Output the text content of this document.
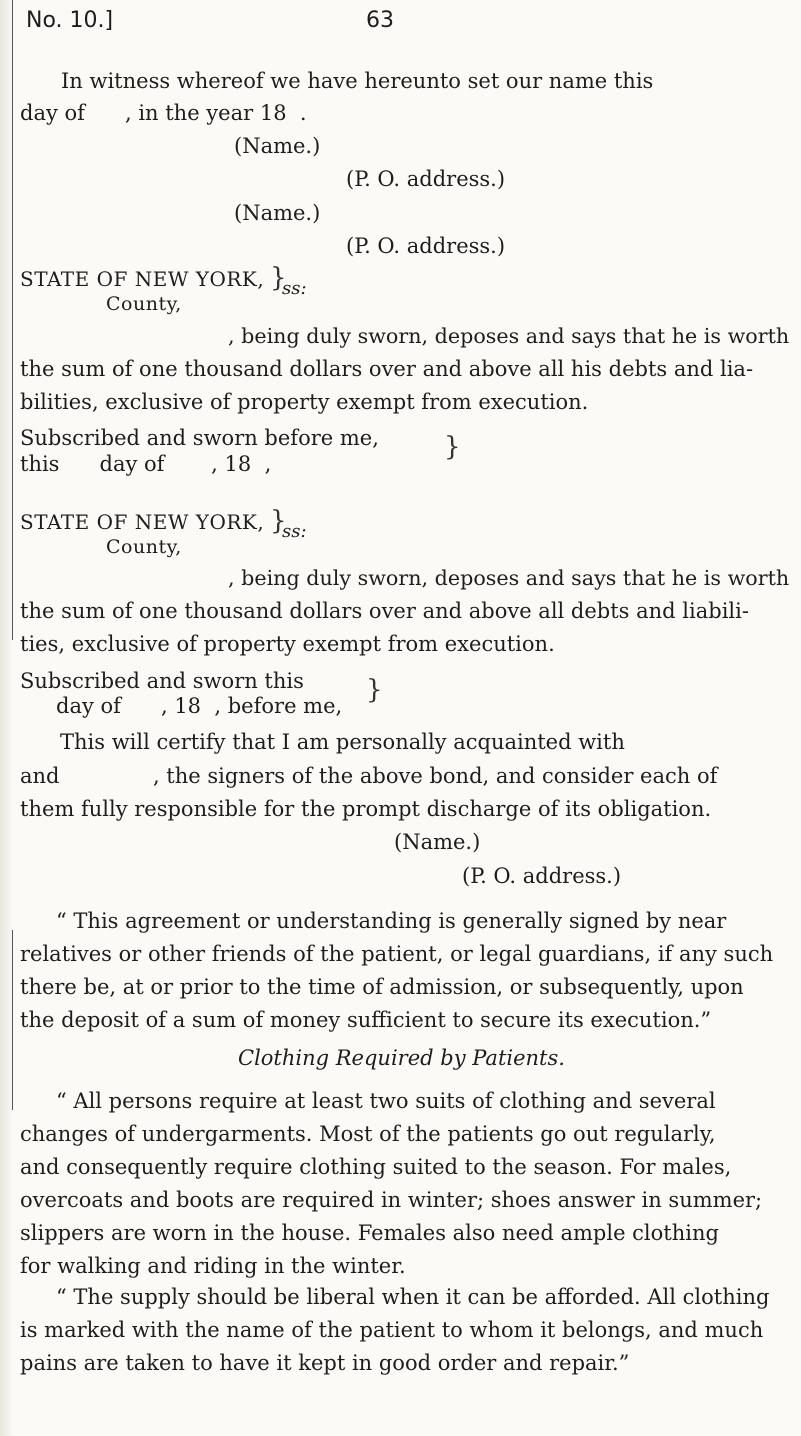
No. 10.]	63
In witness whereof we have hereunto set our name this
day of      , in the year 18  .
(Name.)
(P. O. address.)
(Name.)
(P. O. address.)
STATE OF NEW YORK, }
ss:
County,
, being duly sworn, deposes and says that he is worth
the sum of one thousand dollars over and above all his debts and lia-
bilities, exclusive of property exempt from execution.
Subscribed and sworn before me,
this      day of       , 18  ,
}
STATE OF NEW YORK, }
ss:
County,
, being duly sworn, deposes and says that he is worth
the sum of one thousand dollars over and above all debts and liabili-
ties, exclusive of property exempt from execution.
Subscribed and sworn this
day of      , 18  , before me,
}
This will certify that I am personally acquainted with
and              , the signers of the above bond, and consider each of
them fully responsible for the prompt discharge of its obligation.
(Name.)
(P. O. address.)
“ This agreement or understanding is generally signed by near
relatives or other friends of the patient, or legal guardians, if any such
there be, at or prior to the time of admission, or subsequently, upon
the deposit of a sum of money sufficient to secure its execution.”
Clothing Required by Patients.
“ All persons require at least two suits of clothing and several
changes of undergarments. Most of the patients go out regularly,
and consequently require clothing suited to the season. For males,
overcoats and boots are required in winter; shoes answer in summer;
slippers are worn in the house. Females also need ample clothing
for walking and riding in the winter.
“ The supply should be liberal when it can be afforded. All clothing
is marked with the name of the patient to whom it belongs, and much
pains are taken to have it kept in good order and repair.”
